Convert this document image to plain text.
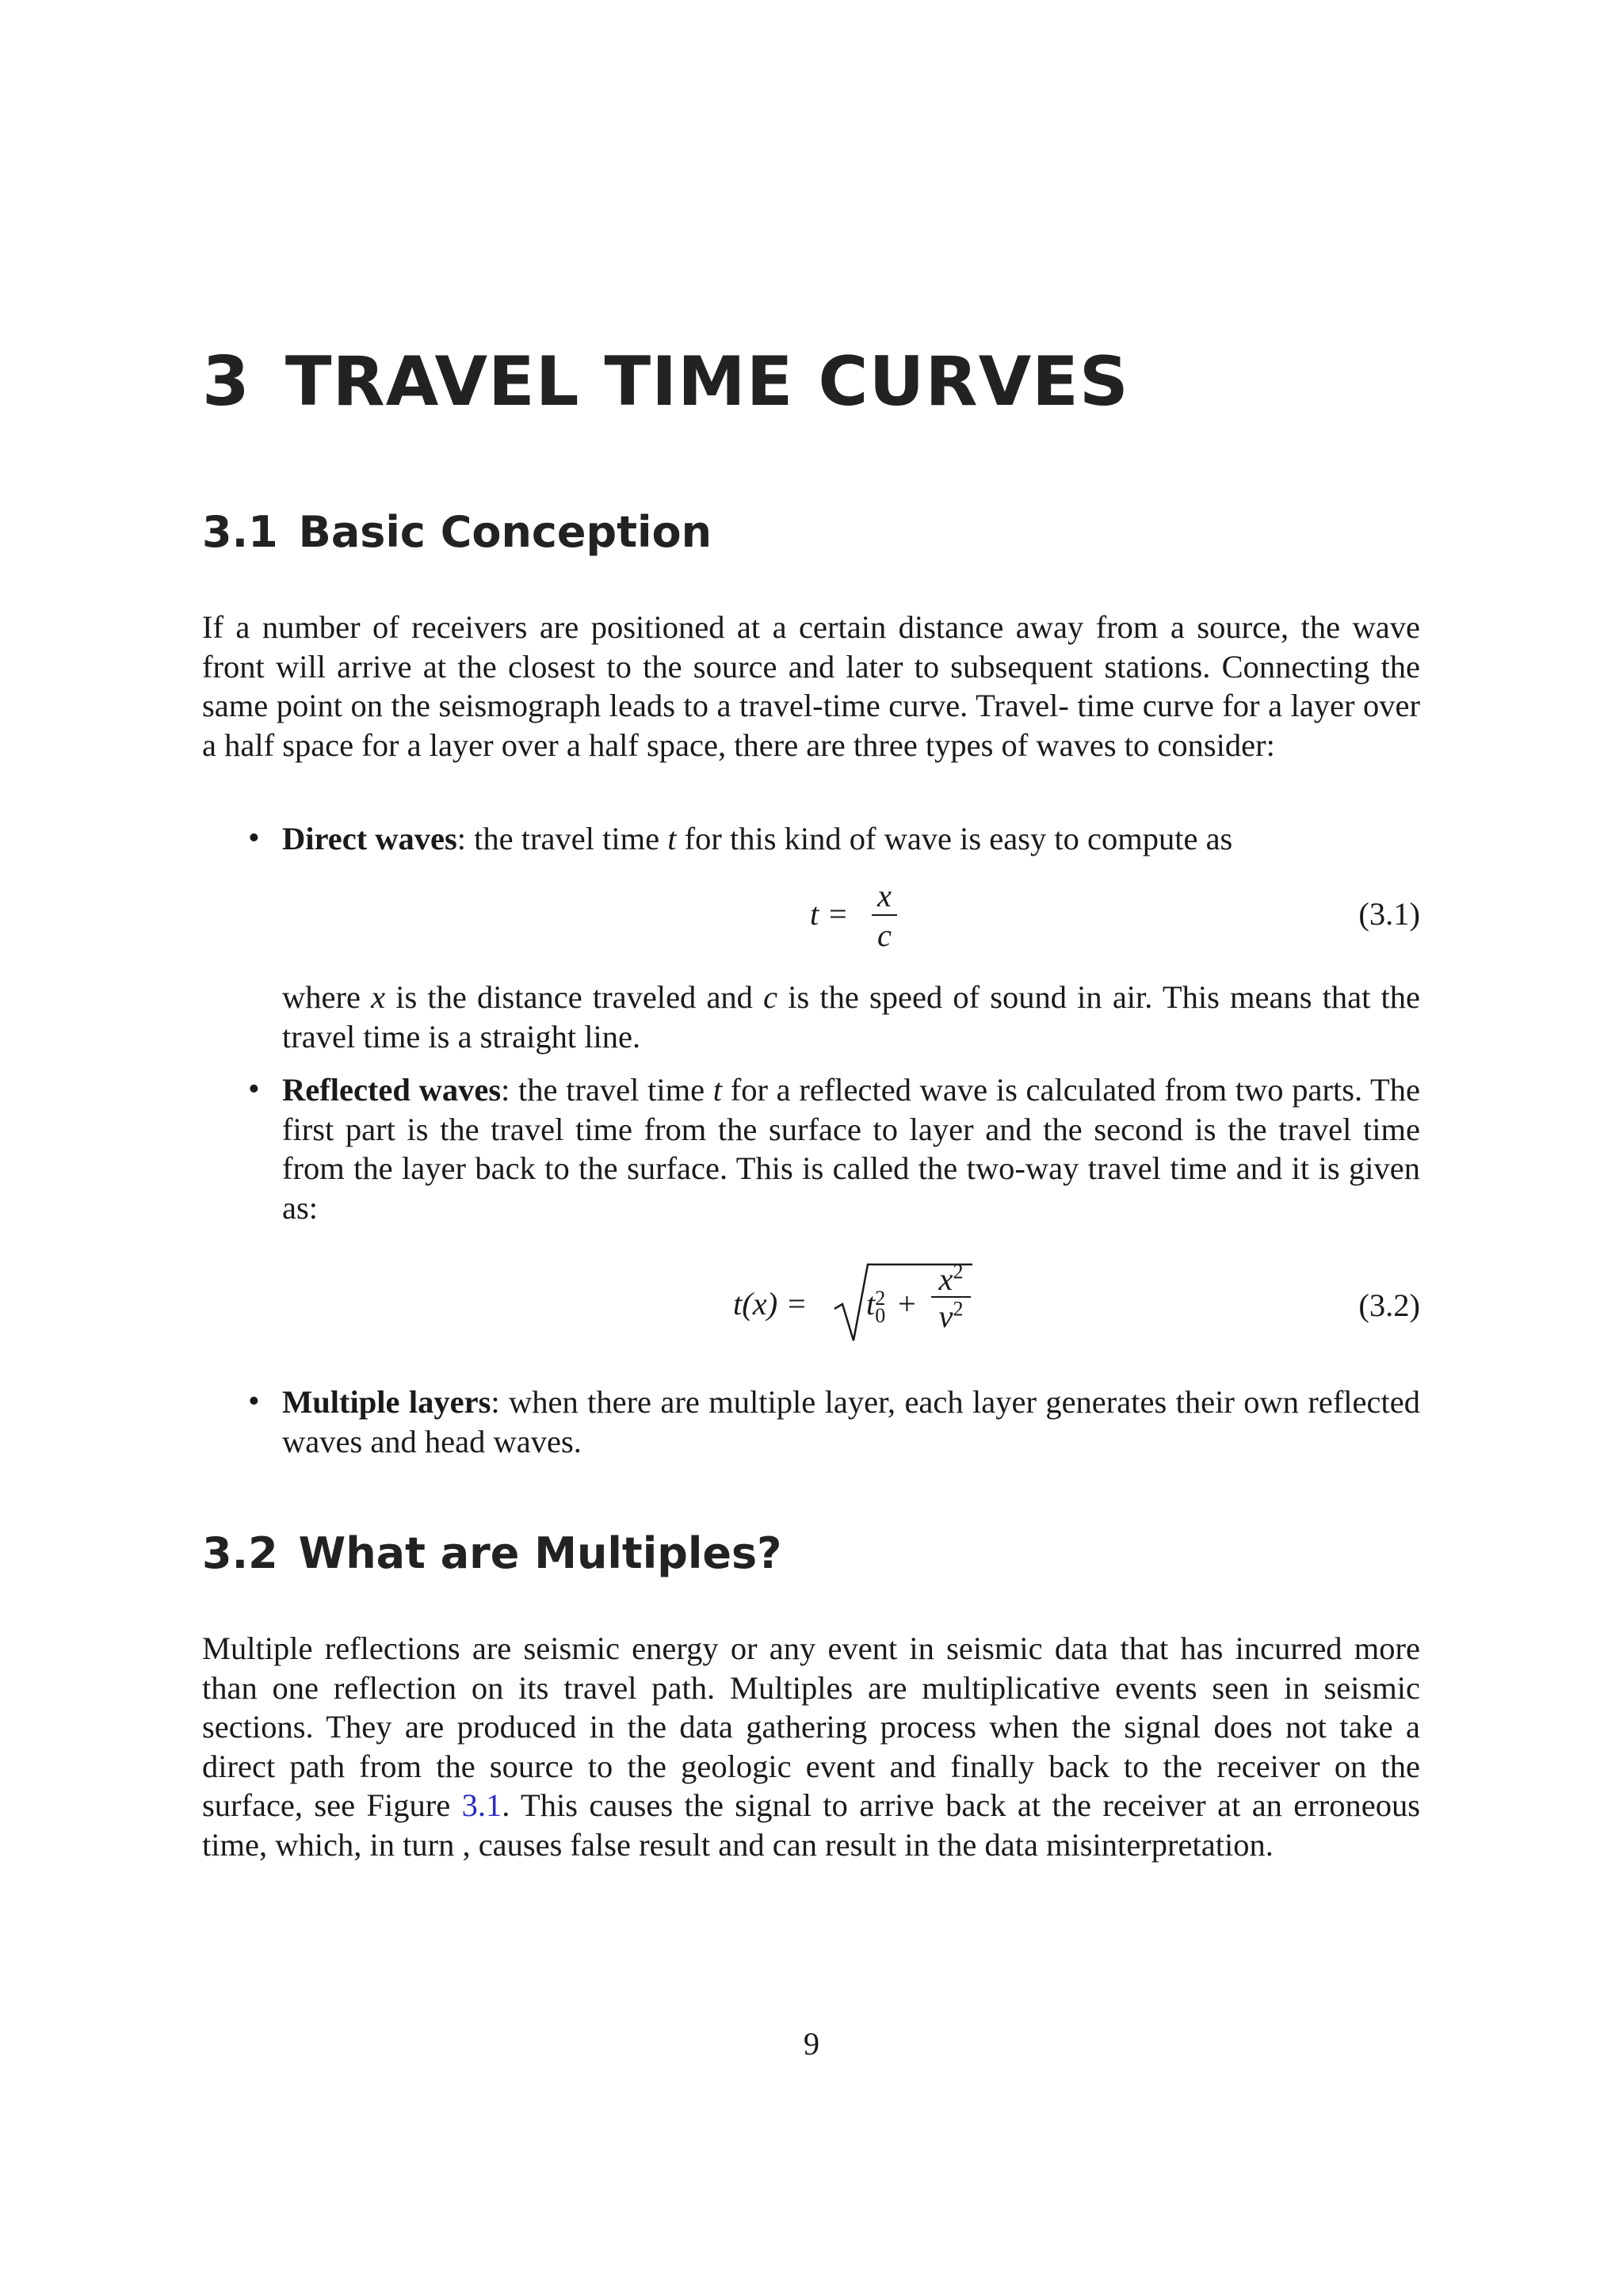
3 TRAVEL TIME CURVES
3.1 Basic Conception

If a number of receivers are positioned at a certain distance away from a source, the wave front will arrive at the closest to the source and later to subsequent stations. Connecting the same point on the seismograph leads to a travel-time curve. Travel- time curve for a layer over a half space for a layer over a half space, there are three types of waves to consider:

• Direct waves: the travel time t for this kind of wave is easy to compute as

t =
x
c
(3.1)

where x is the distance traveled and c is the speed of sound in air. This means that the travel time is a straight line.

• Reflected waves: the travel time t for a reflected wave is calculated from two parts. The first part is the travel time from the surface to layer and the second is the travel time from the layer back to the surface. This is called the two-way travel time and it is given as:

t(x) = t 2
0 +
$x^2$
$v^2$	(3.2)
• Multiple layers: when there are multiple layer, each layer generates their own reflected waves and head waves.

3.2 What are Multiples?

Multiple reflections are seismic energy or any event in seismic data that has incurred more than one reflection on its travel path. Multiples are multiplicative events seen in seismic sections. They are produced in the data gathering process when the signal does not take a direct path from the source to the geologic event and finally back to the receiver on the surface, see Figure 3.1. This causes the signal to arrive back at the receiver at an erroneous time, which, in turn , causes false result and can result in the data misinterpretation.

9
